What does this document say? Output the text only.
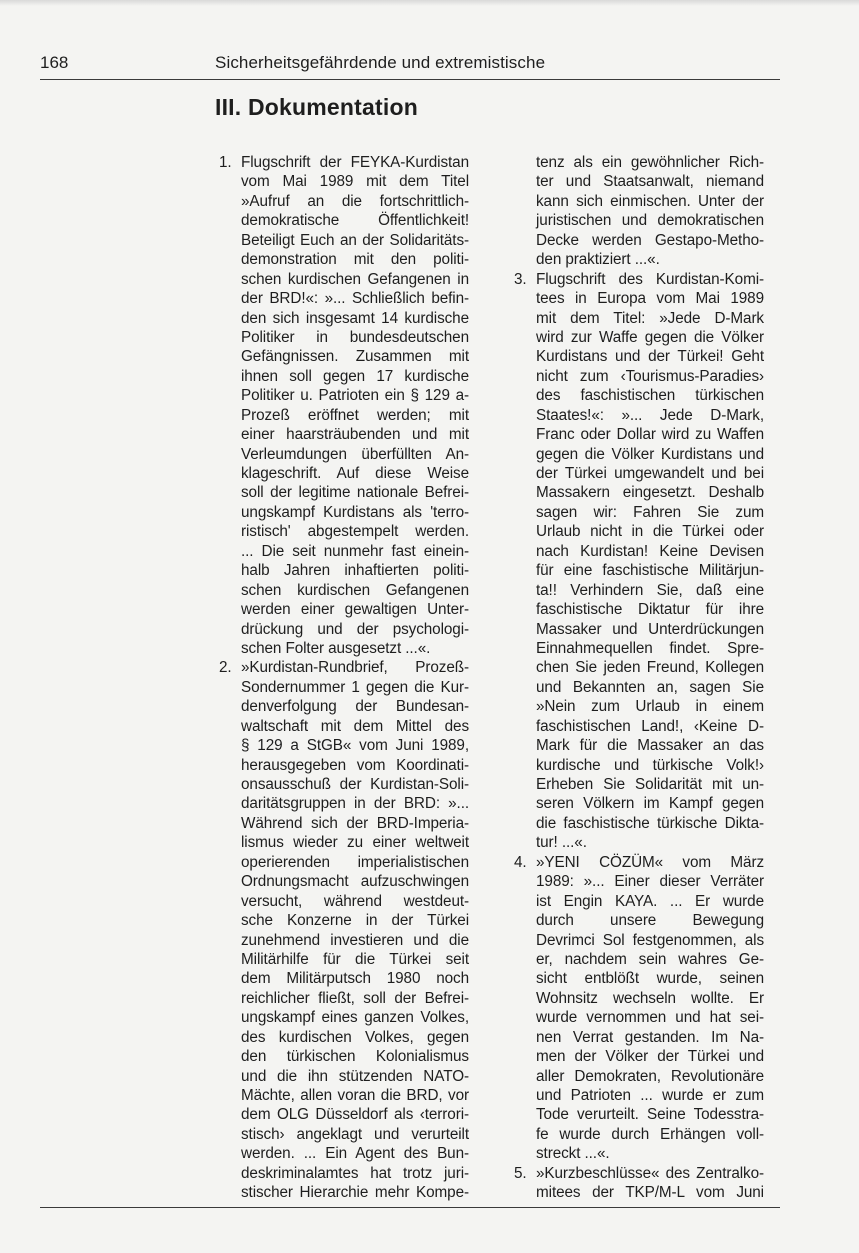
168	Sicherheitsgefährdende und extremistische
III. Dokumentation
1. Flugschrift der FEYKA-Kurdistan
vom Mai 1989 mit dem Titel
»Aufruf an die fortschrittlich-
demokratische Öffentlichkeit!
Beteiligt Euch an der Solidaritäts-
demonstration mit den politi-
schen kurdischen Gefangenen in
der BRD!«: »... Schließlich befin-
den sich insgesamt 14 kurdische
Politiker in bundesdeutschen
Gefängnissen. Zusammen mit
ihnen soll gegen 17 kurdische
Politiker u. Patrioten ein § 129 a-
Prozeß eröffnet werden; mit
einer haarsträubenden und mit
Verleumdungen überfüllten An-
klageschrift. Auf diese Weise
soll der legitime nationale Befrei-
ungskampf Kurdistans als 'terro-
ristisch' abgestempelt werden.
... Die seit nunmehr fast einein-
halb Jahren inhaftierten politi-
schen kurdischen Gefangenen
werden einer gewaltigen Unter-
drückung und der psychologi-
schen Folter ausgesetzt ...«.
2. »Kurdistan-Rundbrief, Prozeß-
Sondernummer 1 gegen die Kur-
denverfolgung der Bundesan-
waltschaft mit dem Mittel des
§ 129 a StGB« vom Juni 1989,
herausgegeben vom Koordinati-
onsausschuß der Kurdistan-Soli-
daritätsgruppen in der BRD: »...
Während sich der BRD-Imperia-
lismus wieder zu einer weltweit
operierenden imperialistischen
Ordnungsmacht aufzuschwingen
versucht, während westdeut-
sche Konzerne in der Türkei
zunehmend investieren und die
Militärhilfe für die Türkei seit
dem Militärputsch 1980 noch
reichlicher fließt, soll der Befrei-
ungskampf eines ganzen Volkes,
des kurdischen Volkes, gegen
den türkischen Kolonialismus
und die ihn stützenden NATO-
Mächte, allen voran die BRD, vor
dem OLG Düsseldorf als ‹terrori-
stisch› angeklagt und verurteilt
werden. ... Ein Agent des Bun-
deskriminalamtes hat trotz juri-
stischer Hierarchie mehr Kompe-
tenz als ein gewöhnlicher Rich-
ter und Staatsanwalt, niemand
kann sich einmischen. Unter der
juristischen und demokratischen
Decke werden Gestapo-Metho-
den praktiziert ...«.
3. Flugschrift des Kurdistan-Komi-
tees in Europa vom Mai 1989
mit dem Titel: »Jede D-Mark
wird zur Waffe gegen die Völker
Kurdistans und der Türkei! Geht
nicht zum ‹Tourismus-Paradies›
des faschistischen türkischen
Staates!«: »... Jede D-Mark,
Franc oder Dollar wird zu Waffen
gegen die Völker Kurdistans und
der Türkei umgewandelt und bei
Massakern eingesetzt. Deshalb
sagen wir: Fahren Sie zum
Urlaub nicht in die Türkei oder
nach Kurdistan! Keine Devisen
für eine faschistische Militärjun-
ta!! Verhindern Sie, daß eine
faschistische Diktatur für ihre
Massaker und Unterdrückungen
Einnahmequellen findet. Spre-
chen Sie jeden Freund, Kollegen
und Bekannten an, sagen Sie
»Nein zum Urlaub in einem
faschistischen Land!, ‹Keine D-
Mark für die Massaker an das
kurdische und türkische Volk!›
Erheben Sie Solidarität mit un-
seren Völkern im Kampf gegen
die faschistische türkische Dikta-
tur! ...«.
4. »YENI CÖZÜM« vom März
1989: »... Einer dieser Verräter
ist Engin KAYA. ... Er wurde
durch unsere Bewegung
Devrimci Sol festgenommen, als
er, nachdem sein wahres Ge-
sicht entblößt wurde, seinen
Wohnsitz wechseln wollte. Er
wurde vernommen und hat sei-
nen Verrat gestanden. Im Na-
men der Völker der Türkei und
aller Demokraten, Revolutionäre
und Patrioten ... wurde er zum
Tode verurteilt. Seine Todesstra-
fe wurde durch Erhängen voll-
streckt ...«.
5. »Kurzbeschlüsse« des Zentralko-
mitees der TKP/M-L vom Juni
